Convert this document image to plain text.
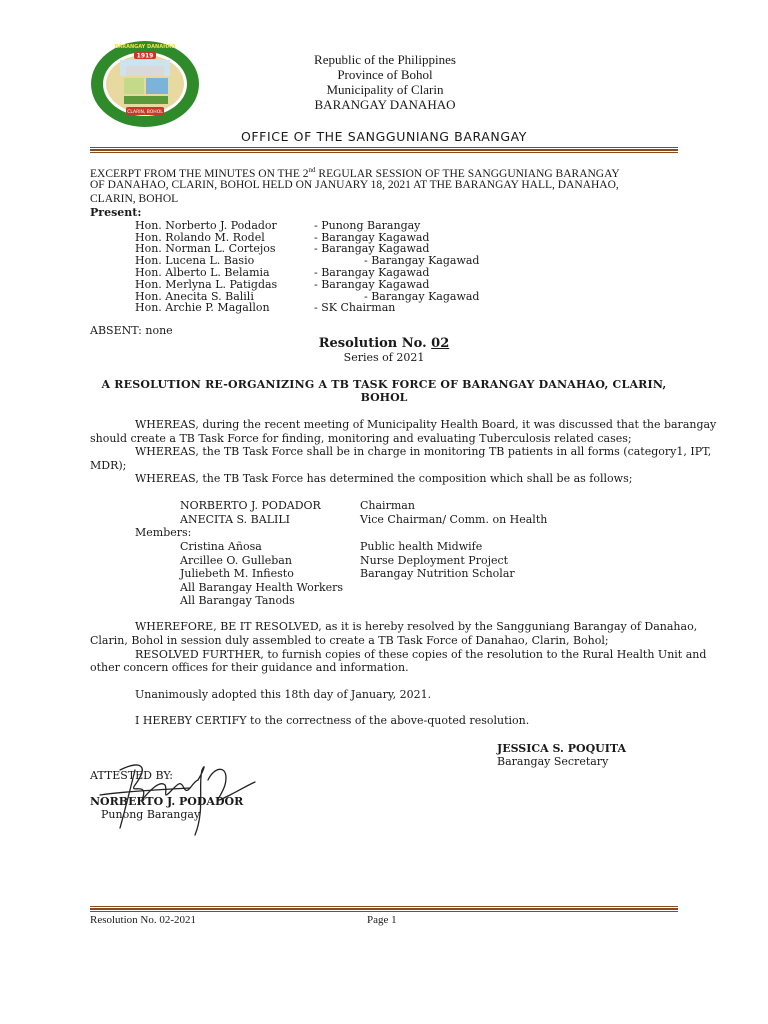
1919
CLARIN, BOHOL
BARANGAY DANAHAO
Republic of the Philippines
Province of Bohol
Municipality of Clarin
BARANGAY DANAHAO
OFFICE OF THE SANGGUNIANG BARANGAY
EXCERPT FROM THE MINUTES ON THE 2nd REGULAR SESSION OF THE SANGGUNIANG BARANGAY
OF DANAHAO, CLARIN, BOHOL HELD ON JANUARY 18, 2021 AT THE BARANGAY HALL, DANAHAO,
CLARIN, BOHOL
Present:
Hon. Norberto J. Podador	- Punong Barangay
Hon. Rolando M. Rodel	- Barangay Kagawad
Hon. Norman L. Cortejos	- Barangay Kagawad
Hon. Lucena L. Basio	- Barangay Kagawad
Hon. Alberto L. Belamia	- Barangay Kagawad
Hon. Merlyna L. Patigdas	- Barangay Kagawad
Hon. Anecita S. Balili	- Barangay Kagawad
Hon. Archie P. Magallon	- SK Chairman
ABSENT: none
Resolution No. 02
Series of 2021
A RESOLUTION RE-ORGANIZING A TB TASK FORCE OF BARANGAY DANAHAO, CLARIN,
BOHOL
WHEREAS, during the recent meeting of Municipality Health Board, it was discussed that the barangay
should create a TB Task Force for finding, monitoring and evaluating Tuberculosis related cases;
WHEREAS, the TB Task Force shall be in charge in monitoring TB patients in all forms (category1, IPT,
MDR);
WHEREAS, the TB Task Force has determined the composition which shall be as follows;
NORBERTO J. PODADOR	Chairman
ANECITA S. BALILI	Vice Chairman/ Comm. on Health
Members:
Cristina Añosa	Public health Midwife
Arcillee O. Gulleban	Nurse Deployment Project
Juliebeth M. Infiesto	Barangay Nutrition Scholar
All Barangay Health Workers
All Barangay Tanods
WHEREFORE, BE IT RESOLVED, as it is hereby resolved by the Sangguniang Barangay of Danahao,
Clarin, Bohol in session duly assembled to create a TB Task Force of Danahao, Clarin, Bohol;
RESOLVED FURTHER, to furnish copies of these copies of the resolution to the Rural Health Unit and
other concern offices for their guidance and information.
Unanimously adopted this 18th day of January, 2021.
I HEREBY CERTIFY to the correctness of the above-quoted resolution.
JESSICA S. POQUITA
Barangay Secretary
ATTESTED BY:
NORBERTO J. PODADOR
Punong Barangay
Resolution No. 02-2021	Page 1
